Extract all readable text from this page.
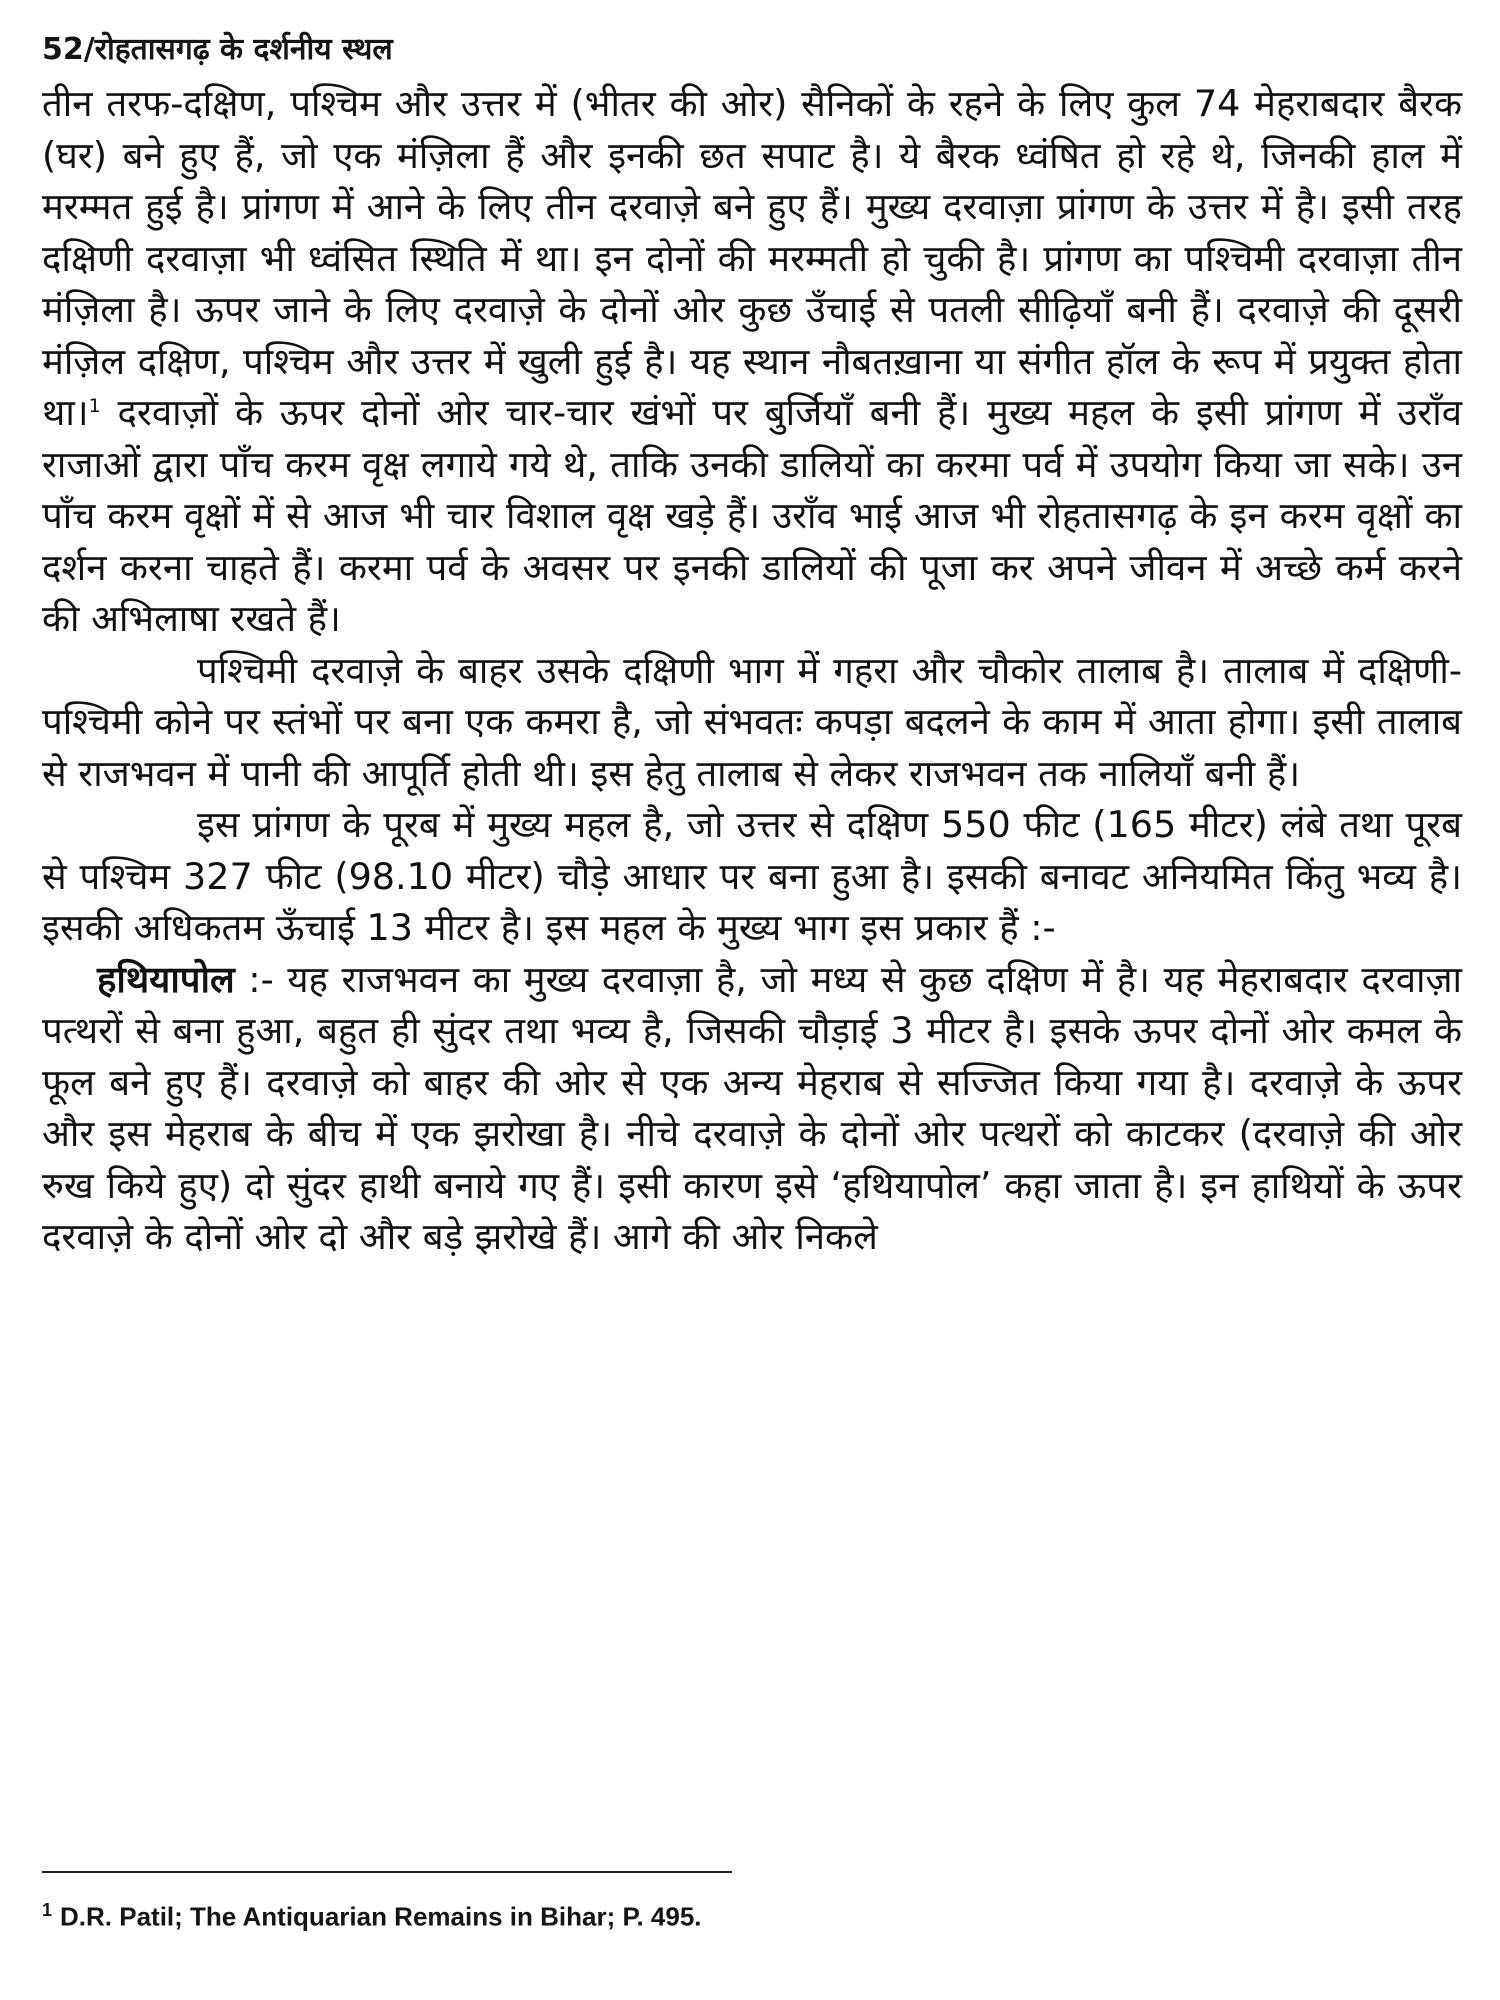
52/रोहतासगढ़ के दर्शनीय स्थल

तीन तरफ-दक्षिण, पश्चिम और उत्तर में (भीतर की ओर) सैनिकों के रहने के लिए कुल 74 मेहराबदार बैरक (घर) बने हुए हैं, जो एक मंज़िला हैं और इनकी छत सपाट है। ये बैरक ध्वंषित हो रहे थे, जिनकी हाल में मरम्मत हुई है। प्रांगण में आने के लिए तीन दरवाज़े बने हुए हैं। मुख्य दरवाज़ा प्रांगण के उत्तर में है। इसी तरह दक्षिणी दरवाज़ा भी ध्वंसित स्थिति में था। इन दोनों की मरम्मती हो चुकी है। प्रांगण का पश्चिमी दरवाज़ा तीन मंज़िला है। ऊपर जाने के लिए दरवाज़े के दोनों ओर कुछ उँचाई से पतली सीढ़ियाँ बनी हैं। दरवाज़े की दूसरी मंज़िल दक्षिण, पश्चिम और उत्तर में खुली हुई है। यह स्थान नौबतख़ाना या संगीत हॉल के रूप में प्रयुक्त होता था।$^1$ दरवाज़ों के ऊपर दोनों ओर चार-चार खंभों पर बुर्जियाँ बनी हैं। मुख्य महल के इसी प्रांगण में उराँव राजाओं द्वारा पाँच करम वृक्ष लगाये गये थे, ताकि उनकी डालियों का करमा पर्व में उपयोग किया जा सके। उन पाँच करम वृक्षों में से आज भी चार विशाल वृक्ष खड़े हैं। उराँव भाई आज भी रोहतासगढ़ के इन करम वृक्षों का दर्शन करना चाहते हैं। करमा पर्व के अवसर पर इनकी डालियों की पूजा कर अपने जीवन में अच्छे कर्म करने की अभिलाषा रखते हैं।

पश्चिमी दरवाज़े के बाहर उसके दक्षिणी भाग में गहरा और चौकोर तालाब है। तालाब में दक्षिणी-पश्चिमी कोने पर स्तंभों पर बना एक कमरा है, जो संभवतः कपड़ा बदलने के काम में आता होगा। इसी तालाब से राजभवन में पानी की आपूर्ति होती थी। इस हेतु तालाब से लेकर राजभवन तक नालियाँ बनी हैं।

इस प्रांगण के पूरब में मुख्य महल है, जो उत्तर से दक्षिण 550 फीट (165 मीटर) लंबे तथा पूरब से पश्चिम 327 फीट (98.10 मीटर) चौड़े आधार पर बना हुआ है। इसकी बनावट अनियमित किंतु भव्य है। इसकी अधिकतम ऊँचाई 13 मीटर है। इस महल के मुख्य भाग इस प्रकार हैं :-

हथियापोल :- यह राजभवन का मुख्य दरवाज़ा है, जो मध्य से कुछ दक्षिण में है। यह मेहराबदार दरवाज़ा पत्थरों से बना हुआ, बहुत ही सुंदर तथा भव्य है, जिसकी चौड़ाई 3 मीटर है। इसके ऊपर दोनों ओर कमल के फूल बने हुए हैं। दरवाज़े को बाहर की ओर से एक अन्य मेहराब से सज्जित किया गया है। दरवाज़े के ऊपर और इस मेहराब के बीच में एक झरोखा है। नीचे दरवाज़े के दोनों ओर पत्थरों को काटकर (दरवाज़े की ओर रुख किये हुए) दो सुंदर हाथी बनाये गए हैं। इसी कारण इसे ‘हथियापोल’ कहा जाता है। इन हाथियों के ऊपर दरवाज़े के दोनों ओर दो और बड़े झरोखे हैं। आगे की ओर निकले

$^1$ D.R. Patil; The Antiquarian Remains in Bihar; P. 495.
